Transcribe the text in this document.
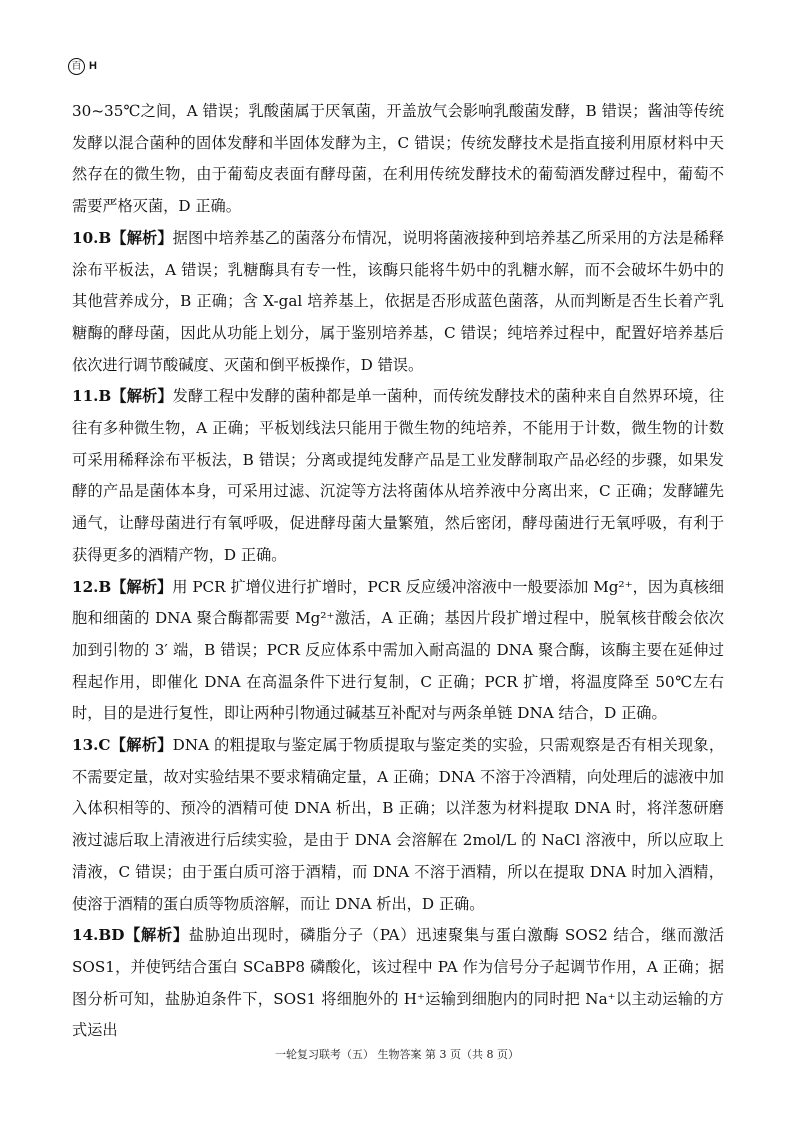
百 H

30~35℃之间，A 错误；乳酸菌属于厌氧菌，开盖放气会影响乳酸菌发酵，B 错误；酱油等传统发酵以混合菌种的固体发酵和半固体发酵为主，C 错误；传统发酵技术是指直接利用原材料中天然存在的微生物，由于葡萄皮表面有酵母菌，在利用传统发酵技术的葡萄酒发酵过程中，葡萄不需要严格灭菌，D 正确。

10.B【解析】据图中培养基乙的菌落分布情况，说明将菌液接种到培养基乙所采用的方法是稀释涂布平板法，A 错误；乳糖酶具有专一性，该酶只能将牛奶中的乳糖水解，而不会破坏牛奶中的其他营养成分，B 正确；含 X-gal 培养基上，依据是否形成蓝色菌落，从而判断是否生长着产乳糖酶的酵母菌，因此从功能上划分，属于鉴别培养基，C 错误；纯培养过程中，配置好培养基后依次进行调节酸碱度、灭菌和倒平板操作，D 错误。

11.B【解析】发酵工程中发酵的菌种都是单一菌种，而传统发酵技术的菌种来自自然界环境，往往有多种微生物，A 正确；平板划线法只能用于微生物的纯培养，不能用于计数，微生物的计数可采用稀释涂布平板法，B 错误；分离或提纯发酵产品是工业发酵制取产品必经的步骤，如果发酵的产品是菌体本身，可采用过滤、沉淀等方法将菌体从培养液中分离出来，C 正确；发酵罐先通气，让酵母菌进行有氧呼吸，促进酵母菌大量繁殖，然后密闭，酵母菌进行无氧呼吸，有利于获得更多的酒精产物，D 正确。

12.B【解析】用 PCR 扩增仪进行扩增时，PCR 反应缓冲溶液中一般要添加 Mg²⁺，因为真核细胞和细菌的 DNA 聚合酶都需要 Mg²⁺激活，A 正确；基因片段扩增过程中，脱氧核苷酸会依次加到引物的 3′ 端，B 错误；PCR 反应体系中需加入耐高温的 DNA 聚合酶，该酶主要在延伸过程起作用，即催化 DNA 在高温条件下进行复制，C 正确；PCR 扩增，将温度降至 50℃左右时，目的是进行复性，即让两种引物通过碱基互补配对与两条单链 DNA 结合，D 正确。

13.C【解析】DNA 的粗提取与鉴定属于物质提取与鉴定类的实验，只需观察是否有相关现象，不需要定量，故对实验结果不要求精确定量，A 正确；DNA 不溶于冷酒精，向处理后的滤液中加入体积相等的、预冷的酒精可使 DNA 析出，B 正确；以洋葱为材料提取 DNA 时，将洋葱研磨液过滤后取上清液进行后续实验，是由于 DNA 会溶解在 2mol/L 的 NaCl 溶液中，所以应取上清液，C 错误；由于蛋白质可溶于酒精，而 DNA 不溶于酒精，所以在提取 DNA 时加入酒精，使溶于酒精的蛋白质等物质溶解，而让 DNA 析出，D 正确。

14.BD【解析】盐胁迫出现时，磷脂分子（PA）迅速聚集与蛋白激酶 SOS2 结合，继而激活 SOS1，并使钙结合蛋白 SCaBP8 磷酸化，该过程中 PA 作为信号分子起调节作用，A 正确；据图分析可知，盐胁迫条件下，SOS1 将细胞外的 H⁺运输到细胞内的同时把 Na⁺以主动运输的方式运出

一轮复习联考（五） 生物答案 第 3 页（共 8 页）
